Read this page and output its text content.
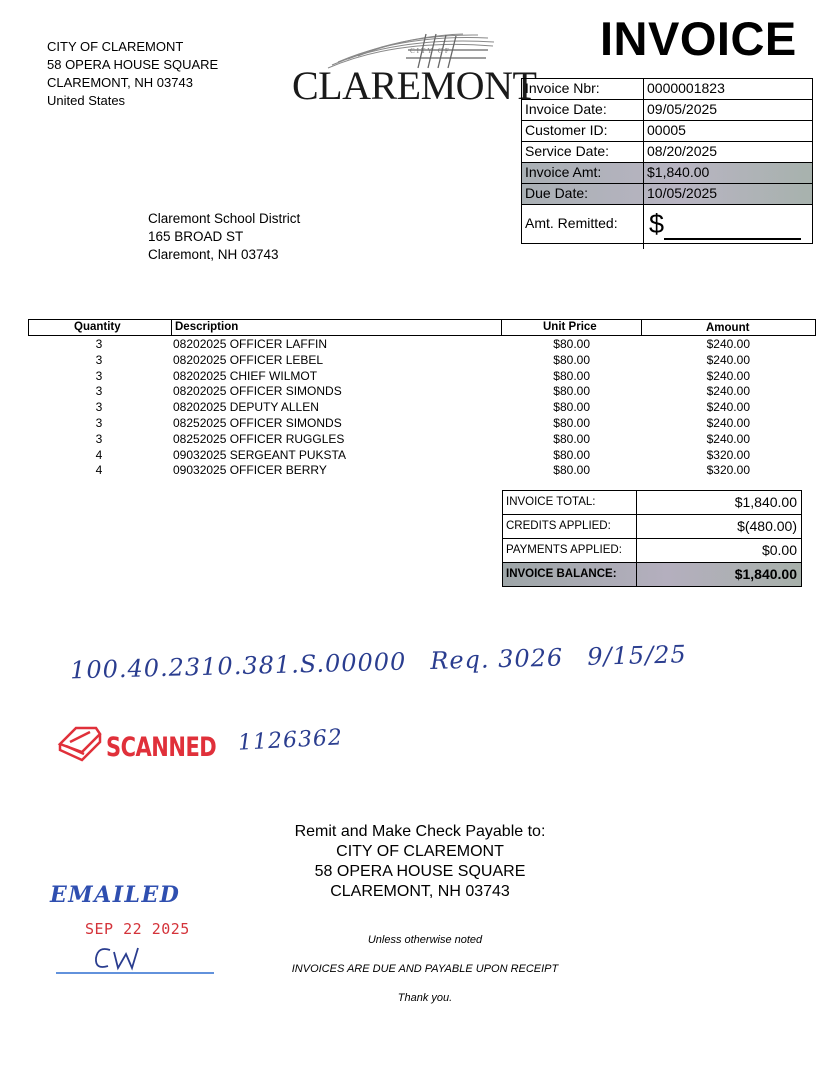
CITY OF CLAREMONT
58 OPERA HOUSE SQUARE
CLAREMONT, NH 03743
United States
CITY OF
CLAREMONT
INVOICE
Invoice Nbr:	0000001823
Invoice Date:	09/05/2025
Customer ID:	00005
Service Date:	08/20/2025
Invoice Amt:	$1,840.00
Due Date:	10/05/2025
Amt. Remitted:	$
Claremont School District
165 BROAD ST
Claremont, NH 03743
Quantity	Description	Unit Price	Amount
3	08202025 OFFICER LAFFIN	$80.00	$240.00
3	08202025 OFFICER LEBEL	$80.00	$240.00
3	08202025 CHIEF WILMOT	$80.00	$240.00
3	08202025 OFFICER SIMONDS	$80.00	$240.00
3	08202025 DEPUTY ALLEN	$80.00	$240.00
3	08252025 OFFICER SIMONDS	$80.00	$240.00
3	08252025 OFFICER RUGGLES	$80.00	$240.00
4	09032025 SERGEANT PUKSTA	$80.00	$320.00
4	09032025 OFFICER BERRY	$80.00	$320.00
INVOICE TOTAL:	$1,840.00
CREDITS APPLIED:	$(480.00)
PAYMENTS APPLIED:	$0.00
INVOICE BALANCE:	$1,840.00
100.40.2310.381.S.00000 Req. 3026 9/15/25
SCANNED 1126362
Remit and Make Check Payable to:
CITY OF CLAREMONT
58 OPERA HOUSE SQUARE
CLAREMONT, NH 03743
Unless otherwise noted
INVOICES ARE DUE AND PAYABLE UPON RECEIPT
Thank you.
EMAILED
SEP 22 2025
